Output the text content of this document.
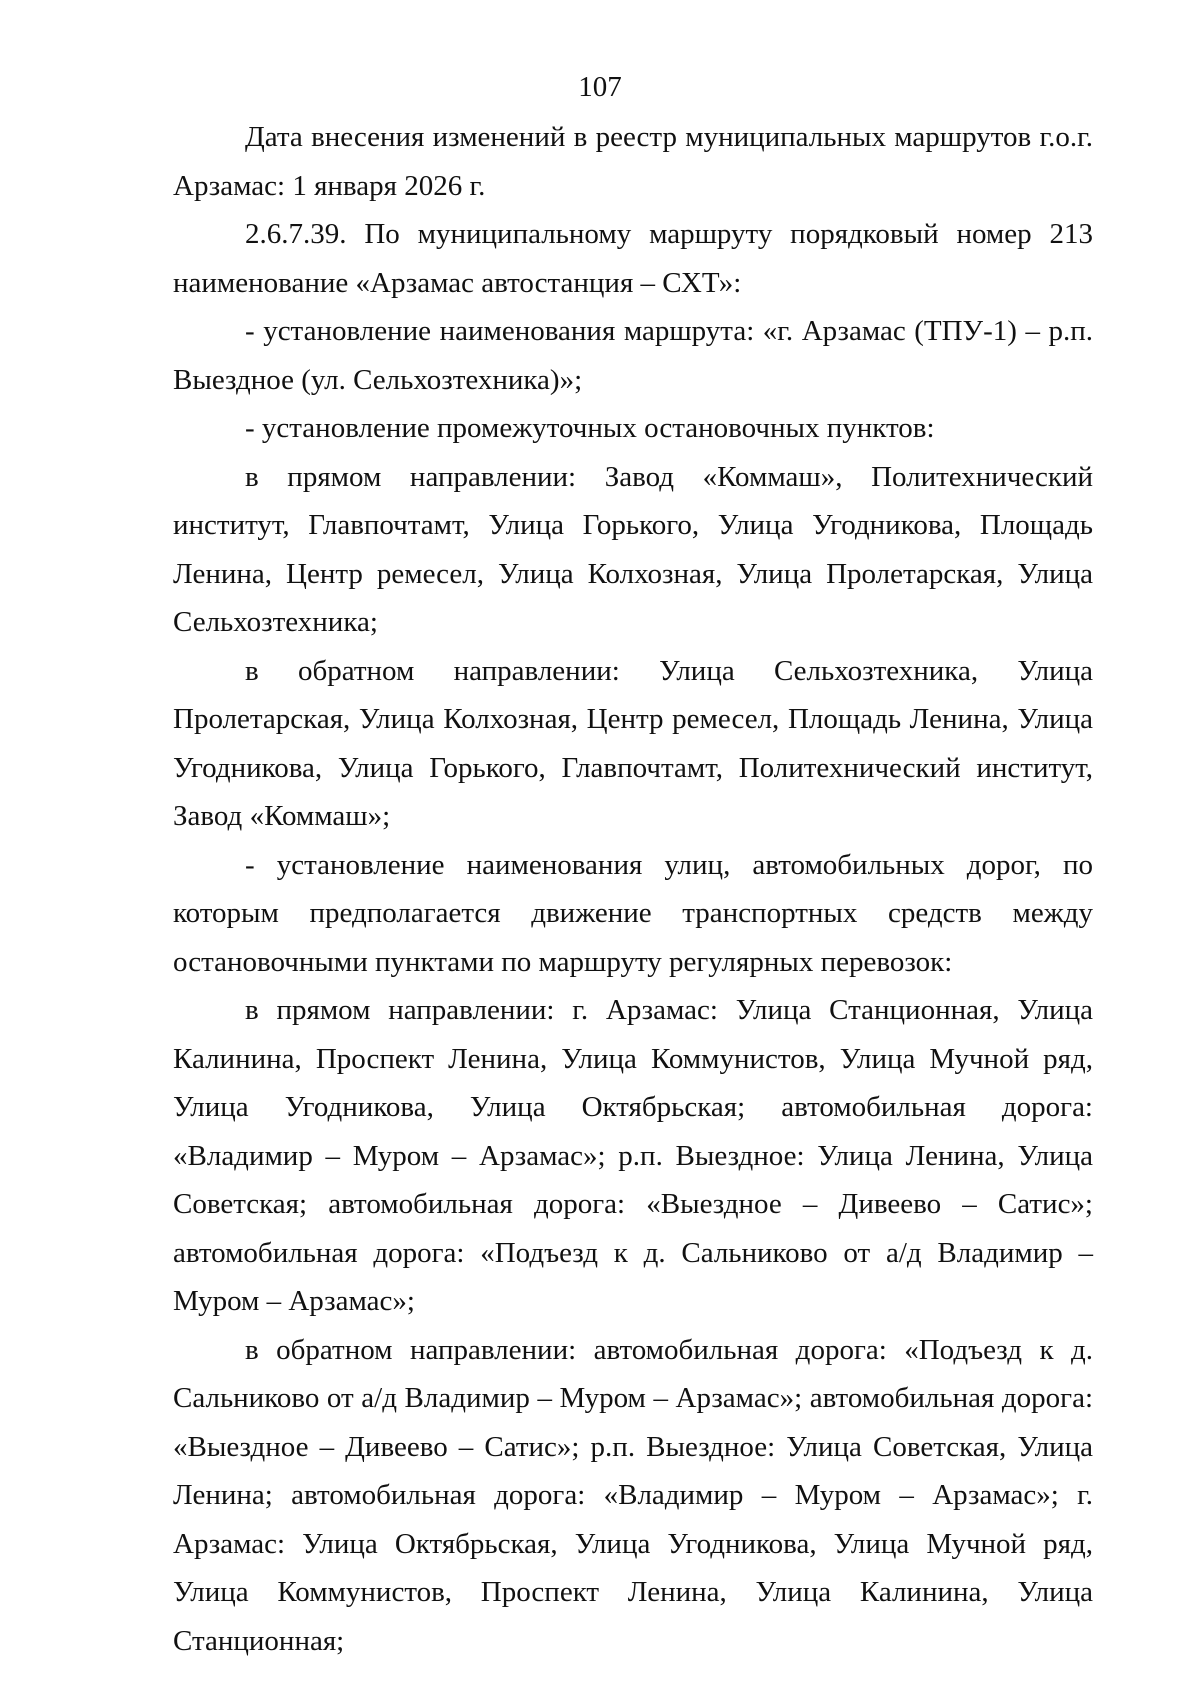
107

Дата внесения изменений в реестр муниципальных маршрутов г.о.г. Арзамас: 1 января 2026 г.

2.6.7.39. По муниципальному маршруту порядковый номер 213 наименование «Арзамас автостанция – СХТ»:

- установление наименования маршрута: «г. Арзамас (ТПУ-1) – р.п. Выездное (ул. Сельхозтехника)»;

- установление промежуточных остановочных пунктов:

в прямом направлении: Завод «Коммаш», Политехнический институт, Главпочтамт, Улица Горького, Улица Угодникова, Площадь Ленина, Центр ремесел, Улица Колхозная, Улица Пролетарская, Улица Сельхозтехника;

в обратном направлении: Улица Сельхозтехника, Улица Пролетарская, Улица Колхозная, Центр ремесел, Площадь Ленина, Улица Угодникова, Улица Горького, Главпочтамт, Политехнический институт, Завод «Коммаш»;

- установление наименования улиц, автомобильных дорог, по которым предполагается движение транспортных средств между остановочными пунктами по маршруту регулярных перевозок:

в прямом направлении: г. Арзамас: Улица Станционная, Улица Калинина, Проспект Ленина, Улица Коммунистов, Улица Мучной ряд, Улица Угодникова, Улица Октябрьская; автомобильная дорога: «Владимир – Муром – Арзамас»; р.п. Выездное: Улица Ленина, Улица Советская; автомобильная дорога: «Выездное – Дивеево – Сатис»; автомобильная дорога: «Подъезд к д. Сальниково от а/д Владимир – Муром – Арзамас»;

в обратном направлении: автомобильная дорога: «Подъезд к д. Сальниково от а/д Владимир – Муром – Арзамас»; автомобильная дорога: «Выездное – Дивеево – Сатис»; р.п. Выездное: Улица Советская, Улица Ленина; автомобильная дорога: «Владимир – Муром – Арзамас»; г. Арзамас: Улица Октябрьская, Улица Угодникова, Улица Мучной ряд, Улица Коммунистов, Проспект Ленина, Улица Калинина, Улица Станционная;
